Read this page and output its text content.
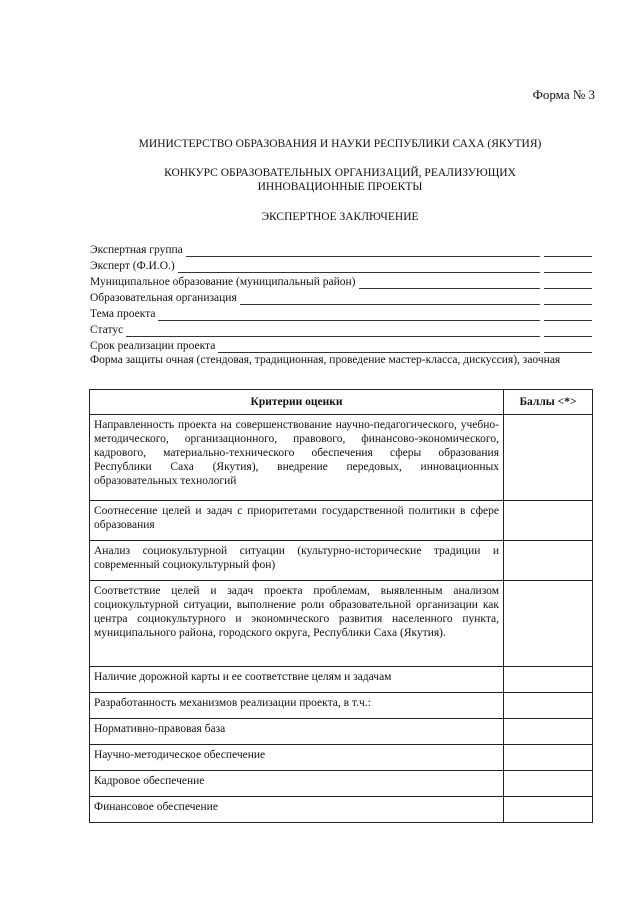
Форма № 3
МИНИСТЕРСТВО ОБРАЗОВАНИЯ И НАУКИ РЕСПУБЛИКИ САХА (ЯКУТИЯ)
КОНКУРС ОБРАЗОВАТЕЛЬНЫХ ОРГАНИЗАЦИЙ, РЕАЛИЗУЮЩИХ
ИННОВАЦИОННЫЕ ПРОЕКТЫ
ЭКСПЕРТНОЕ ЗАКЛЮЧЕНИЕ
Экспертная группа
Эксперт (Ф.И.О.)
Муниципальное образование (муниципальный район)
Образовательная организация
Тема проекта
Статус
Срок реализации проекта
Форма защиты очная (стендовая, традиционная, проведение мастер-класса, дискуссия), заочная
Критерии оценки	Баллы <*>
Направленность проекта на совершенствование научно-педагогического, учебно-методического, организационного, правового, финансово-экономического, кадрового, материально-технического обеспечения сферы образования Республики Саха (Якутия), внедрение передовых, инновационных образовательных технологий	
Соотнесение целей и задач с приоритетами государственной политики в сфере образования	
Анализ социокультурной ситуации (культурно-исторические традиции и современный социокультурный фон)	
Соответствие целей и задач проекта проблемам, выявленным анализом социокультурной ситуации, выполнение роли образовательной организации как центра социокультурного и экономического развития населенного пункта, муниципального района, городского округа, Республики Саха (Якутия).	
Наличие дорожной карты и ее соответствие целям и задачам	
Разработанность механизмов реализации проекта, в т.ч.:	
Нормативно-правовая база	
Научно-методическое обеспечение	
Кадровое обеспечение	
Финансовое обеспечение	
